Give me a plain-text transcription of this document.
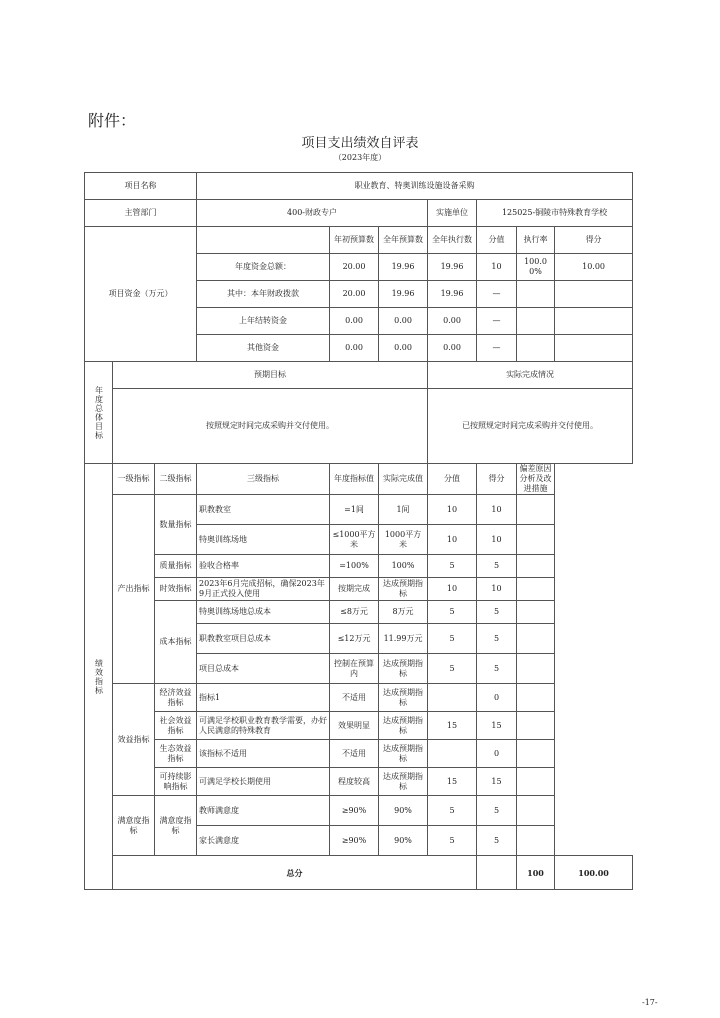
附件：
项目支出绩效自评表
（2023年度）
项目名称			职业教育、特奥训练设施设备采购							
主管部门			400-财政专户			实施单位	125025-铜陵市特殊教育学校			
项目资金（万元）				年初预算数	全年预算数	全年执行数	分值	执行率	得分	
			年度资金总额：	20.00	19.96	19.96	10	100.00%	10.00	
			其中：本年财政拨款	20.00	19.96	19.96	—			
			上年结转资金	0.00	0.00	0.00	—			
			其他资金	0.00	0.00	0.00	—			
年度总体目标	预期目标					实际完成情况				
	按照规定时间完成采购并交付使用。					已按照规定时间完成采购并交付使用。				
绩效指标	一级指标	二级指标	三级指标	年度指标值	实际完成值	分值	得分	偏差原因分析及改进措施		
	产出指标	数量指标	职教教室	=1间	1间	10	10			
			特奥训练场地	≤1000平方米	1000平方米	10	10			
		质量指标	验收合格率	=100%	100%	5	5			
		时效指标	2023年6月完成招标，确保2023年9月正式投入使用	按期完成	达成预期指标	10	10			
		成本指标	特奥训练场地总成本	≤8万元	8万元	5	5			
			职教教室项目总成本	≤12万元	11.99万元	5	5			
			项目总成本	控制在预算内	达成预期指标	5	5			
	效益指标	经济效益指标	指标1	不适用	达成预期指标		0			
		社会效益指标	可满足学校职业教育教学需要，办好人民满意的特殊教育	效果明显	达成预期指标	15	15			
		生态效益指标	该指标不适用	不适用	达成预期指标		0			
		可持续影响指标	可满足学校长期使用	程度较高	达成预期指标	15	15			
	满意度指标	满意度指标	教师满意度	≥90%	90%	5	5			
			家长满意度	≥90%	90%	5	5			
	总分							100	100.00	
-17-
